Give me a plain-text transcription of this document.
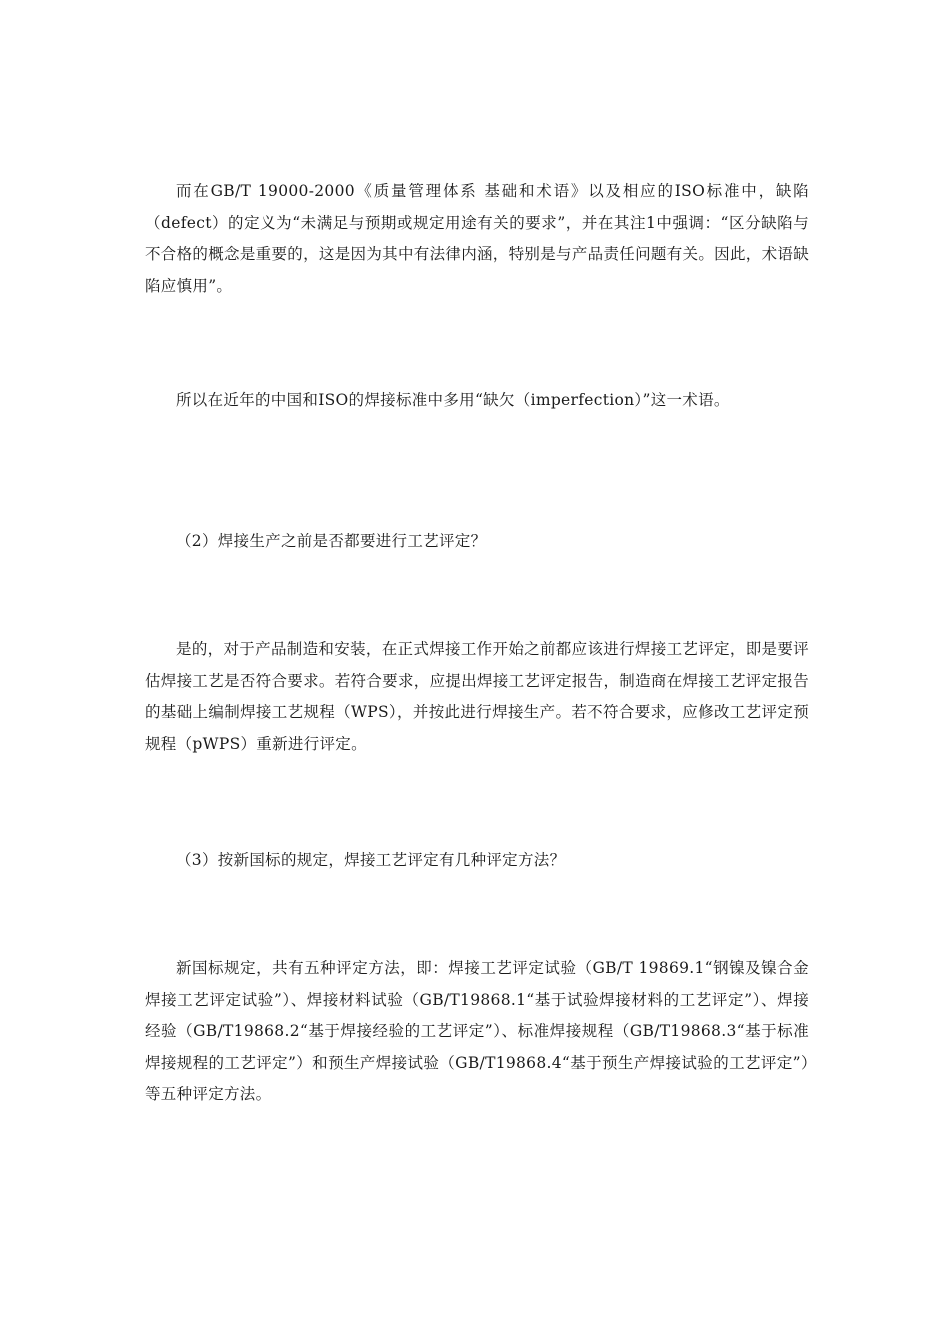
而在GB/T 19000-2000《质量管理体系 基础和术语》以及相应的ISO标准中，缺陷（defect）的定义为“未满足与预期或规定用途有关的要求”，并在其注1中强调：“区分缺陷与不合格的概念是重要的，这是因为其中有法律内涵，特别是与产品责任问题有关。因此，术语缺陷应慎用”。

所以在近年的中国和ISO的焊接标准中多用“缺欠（imperfection）”这一术语。

（2）焊接生产之前是否都要进行工艺评定？

是的，对于产品制造和安装，在正式焊接工作开始之前都应该进行焊接工艺评定，即是要评估焊接工艺是否符合要求。若符合要求，应提出焊接工艺评定报告，制造商在焊接工艺评定报告的基础上编制焊接工艺规程（WPS），并按此进行焊接生产。若不符合要求，应修改工艺评定预规程（pWPS）重新进行评定。

（3）按新国标的规定，焊接工艺评定有几种评定方法？

新国标规定，共有五种评定方法，即：焊接工艺评定试验（GB/T 19869.1“钢镍及镍合金焊接工艺评定试验”）、焊接材料试验（GB/T19868.1“基于试验焊接材料的工艺评定”）、焊接经验（GB/T19868.2“基于焊接经验的工艺评定”）、标准焊接规程（GB/T19868.3“基于标准焊接规程的工艺评定”）和预生产焊接试验（GB/T19868.4“基于预生产焊接试验的工艺评定”）等五种评定方法。
